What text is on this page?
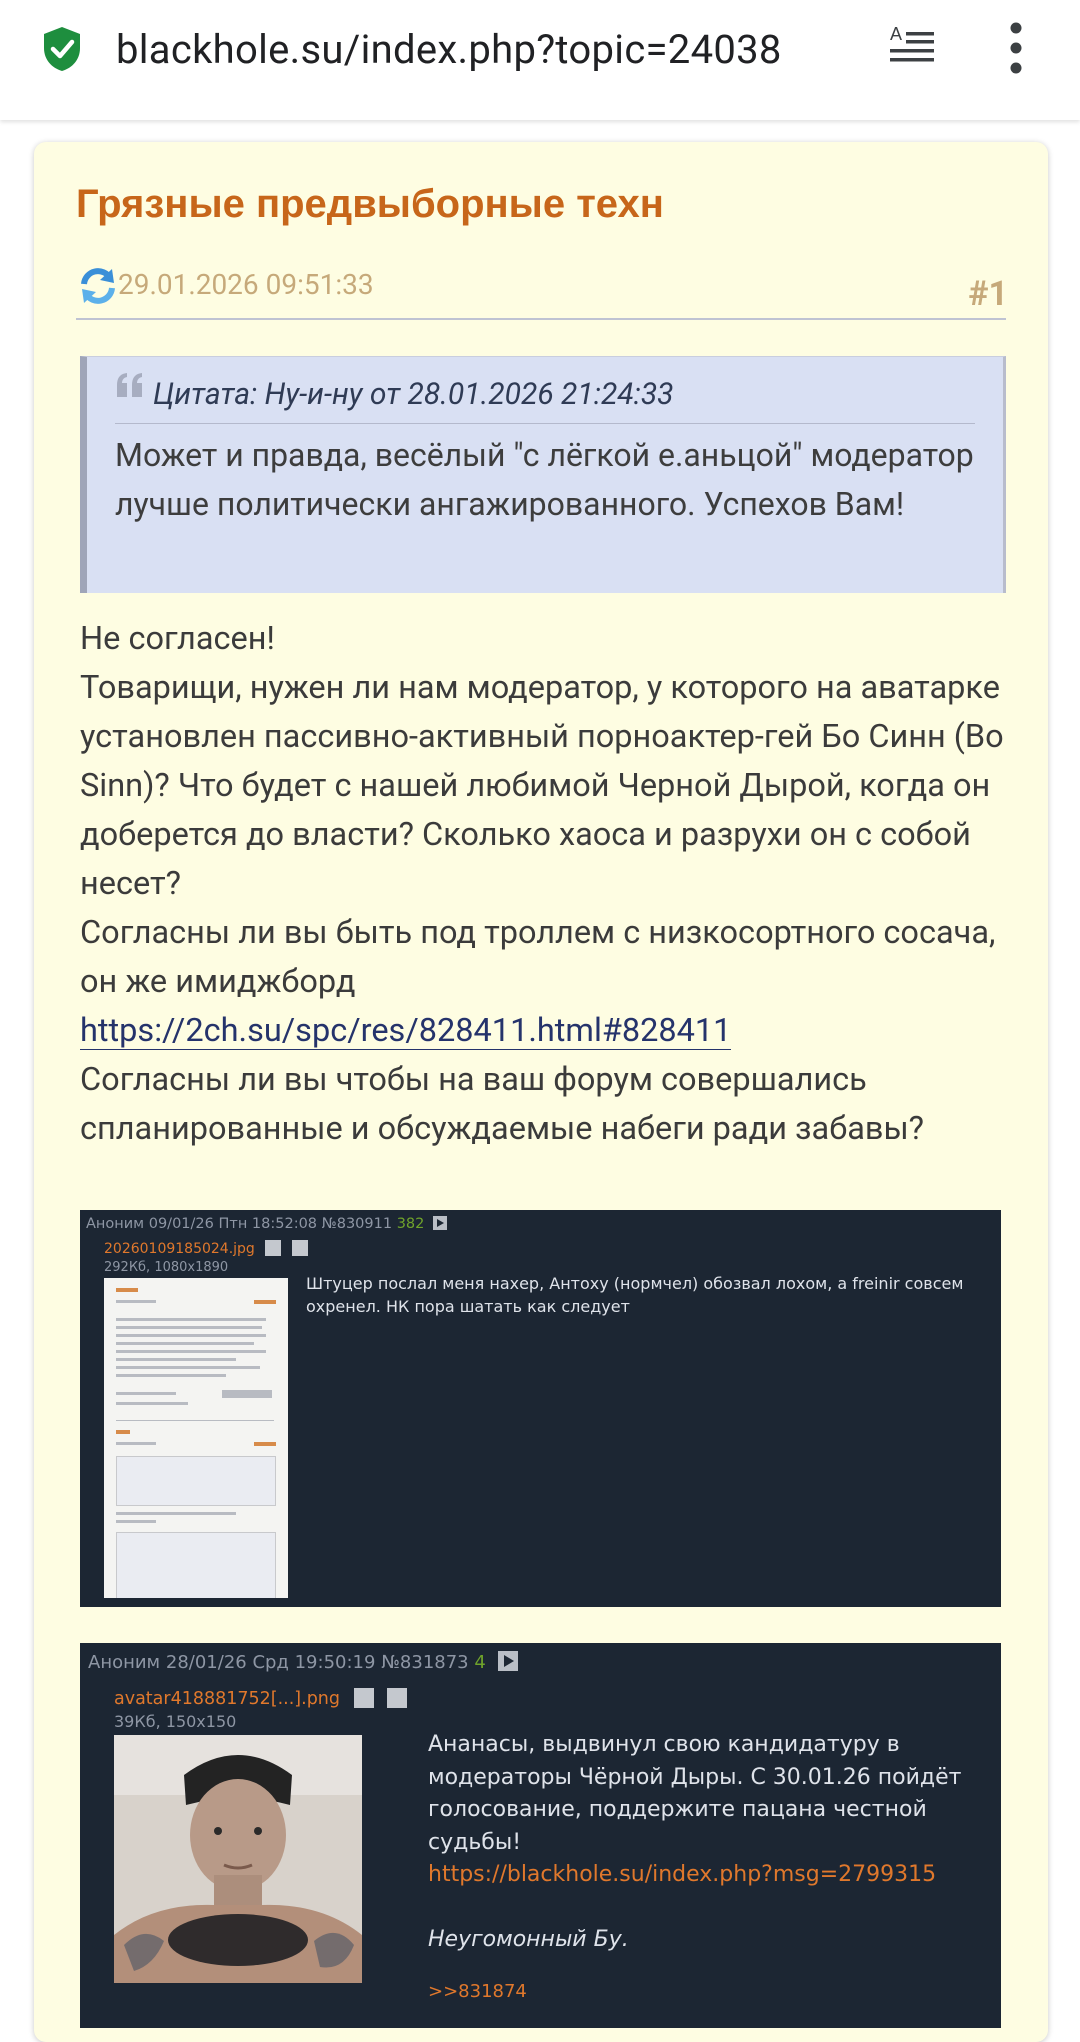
blackhole.su/index.php?topic=24038	A
Грязные предвыборные техн
29.01.2026 09:51:33	#1
Цитата: Ну-и-ну от 28.01.2026 21:24:33
Может и правда, весёлый "с лёгкой е.аньцой" модератор лучше политически ангажированного. Успехов Вам!

Не согласен!

Товарищи, нужен ли нам модератор, у которого на аватарке установлен пассивно-активный порноактер-гей Бо Синн (Bo Sinn)? Что будет с нашей любимой Черной Дырой, когда он доберется до власти? Сколько хаоса и разрухи он с собой несет?

Согласны ли вы быть под троллем с низкосортного сосача, он же имиджборд

https://2ch.su/spc/res/828411.html#828411

Согласны ли вы чтобы на ваш форум совершались спланированные и обсуждаемые набеги ради забавы?

Аноним 09/01/26 Птн 18:52:08 №830911 382
20260109185024.jpg
292Кб, 1080x1890
Штуцер послал меня нахер, Антоху (нормчел) обозвал лохом, а freinir совсем охренел. НК пора шатать как следует
Аноним 28/01/26 Срд 19:50:19 №831873 4
avatar418881752[...].png
39Кб, 150x150
Ананасы, выдвинул свою кандидатуру в модераторы Чёрной Дыры. С 30.01.26 пойдёт голосование, поддержите пацана честной судьбы!
https://blackhole.su/index.php?msg=2799315
Неугомонный Бу.
>>831874
